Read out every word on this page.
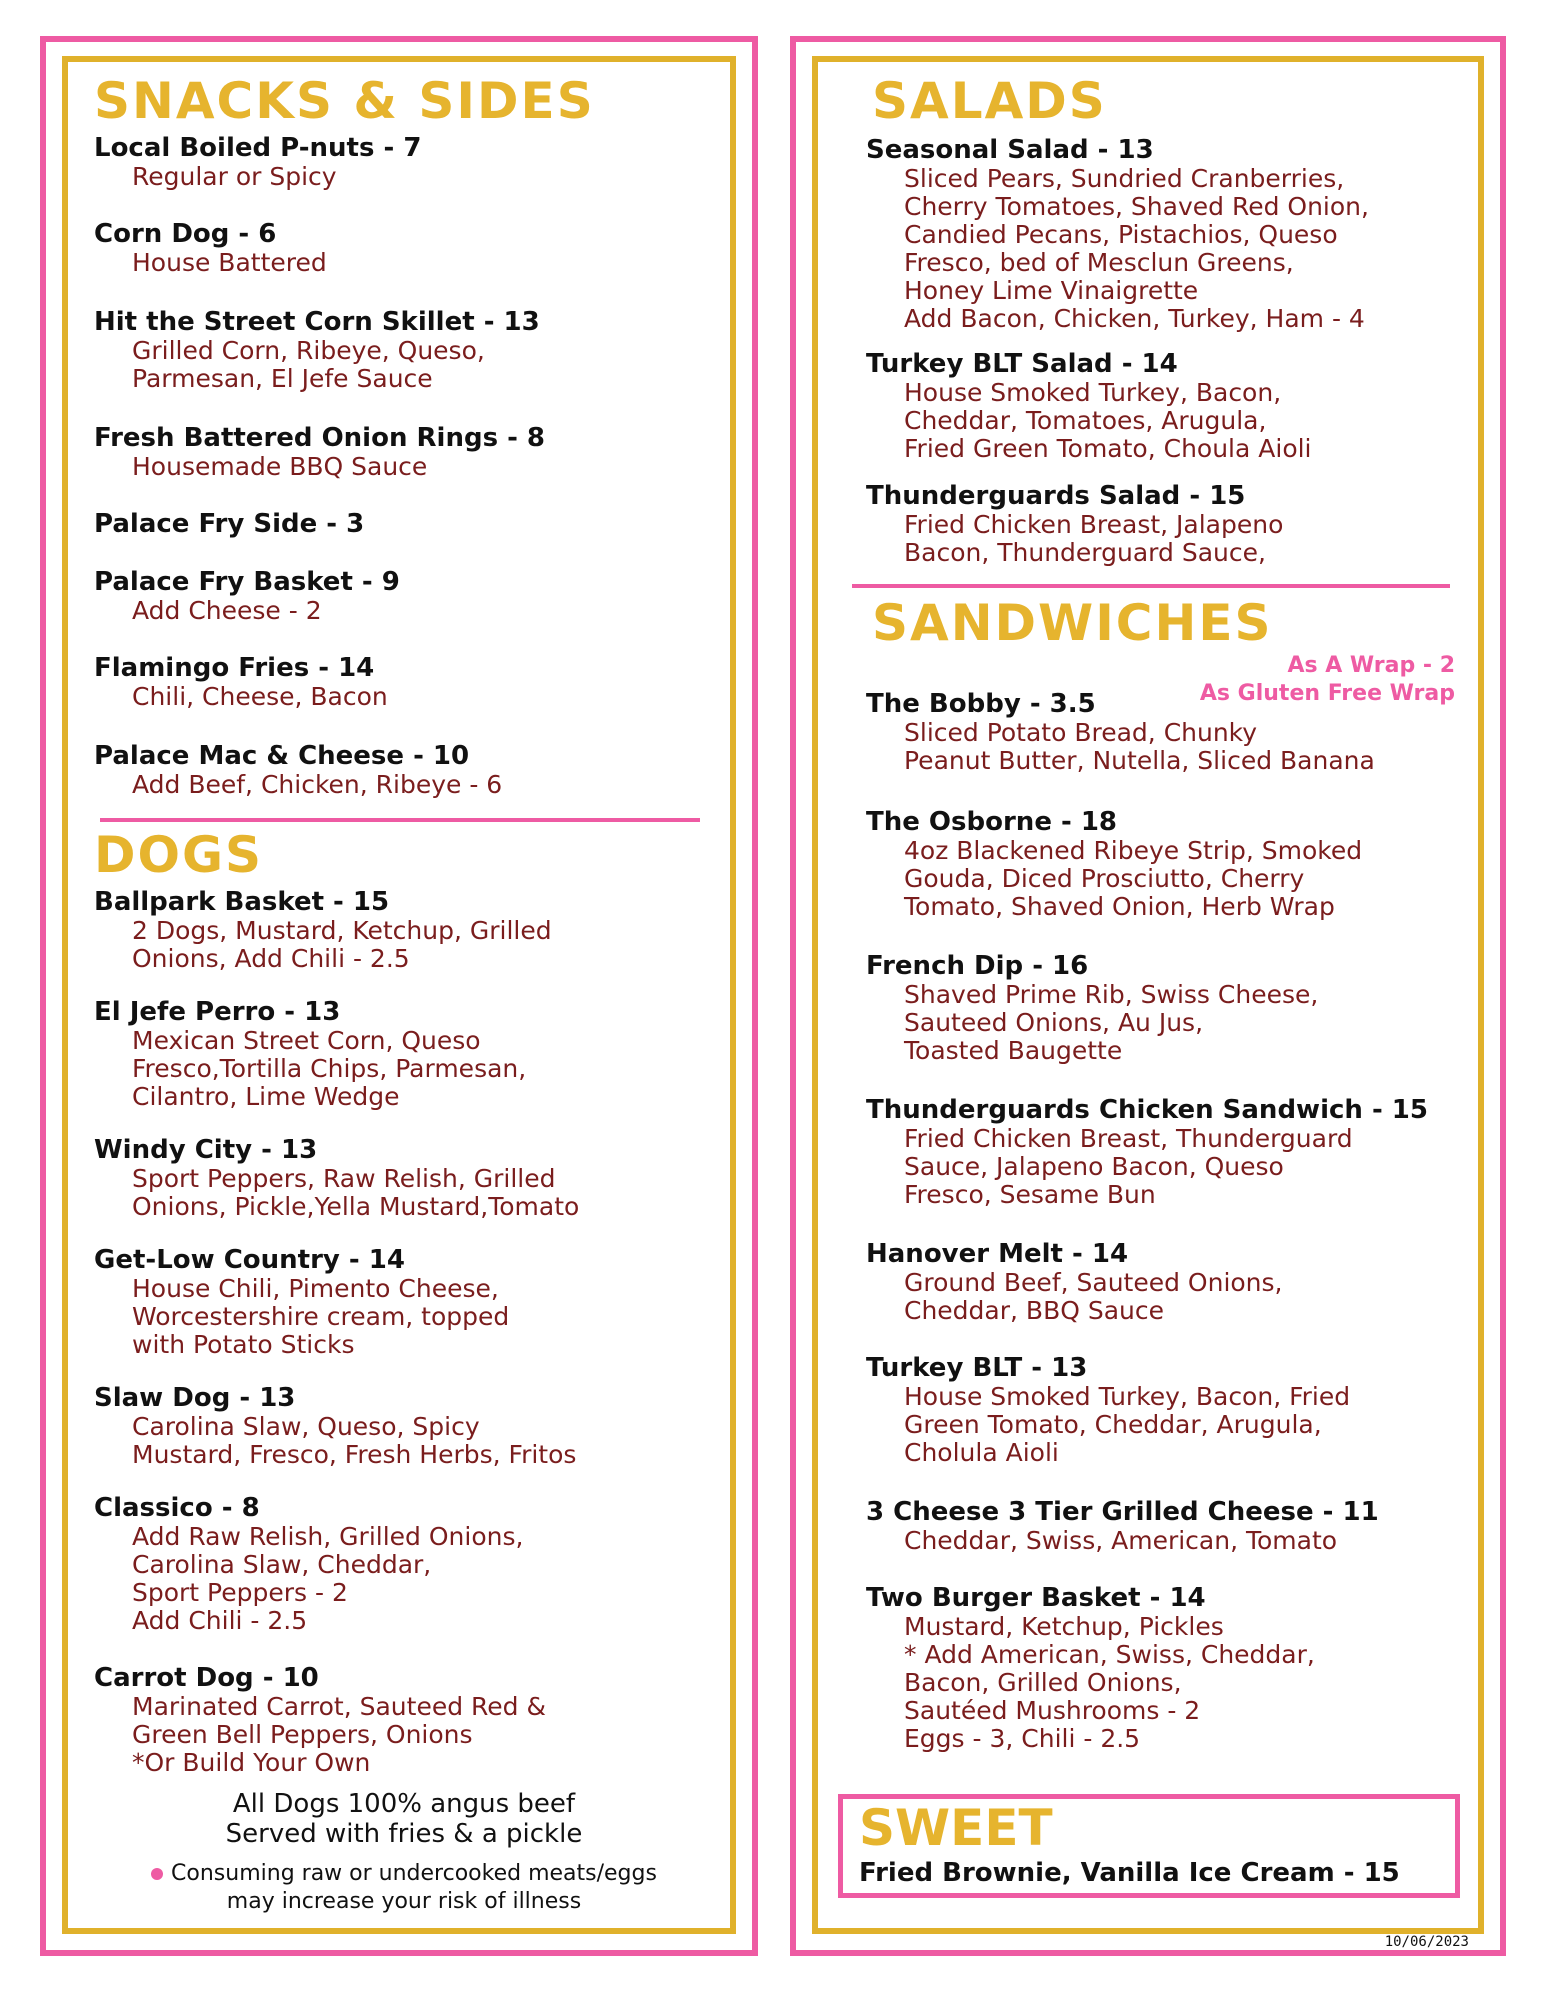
SNACKS & SIDES
Local Boiled P-nuts - 7
Regular or Spicy
Corn Dog - 6
House Battered
Hit the Street Corn Skillet - 13
Grilled Corn, Ribeye, Queso,
Parmesan, El Jefe Sauce
Fresh Battered Onion Rings - 8
Housemade BBQ Sauce
Palace Fry Side - 3
Palace Fry Basket - 9
Add Cheese - 2
Flamingo Fries - 14
Chili, Cheese, Bacon
Palace Mac & Cheese - 10
Add Beef, Chicken, Ribeye - 6
DOGS
Ballpark Basket - 15
2 Dogs, Mustard, Ketchup, Grilled
Onions, Add Chili - 2.5
El Jefe Perro - 13
Mexican Street Corn, Queso
Fresco,Tortilla Chips, Parmesan,
Cilantro, Lime Wedge
Windy City - 13
Sport Peppers, Raw Relish, Grilled
Onions, Pickle,Yella Mustard,Tomato
Get-Low Country - 14
House Chili, Pimento Cheese,
Worcestershire cream, topped
with Potato Sticks
Slaw Dog - 13
Carolina Slaw, Queso, Spicy
Mustard, Fresco, Fresh Herbs, Fritos
Classico - 8
Add Raw Relish, Grilled Onions,
Carolina Slaw, Cheddar,
Sport Peppers - 2
Add Chili - 2.5
Carrot Dog - 10
Marinated Carrot, Sauteed Red &
Green Bell Peppers, Onions
*Or Build Your Own
All Dogs 100% angus beef
Served with fries & a pickle
Consuming raw or undercooked meats/eggs
may increase your risk of illness
SALADS
Seasonal Salad - 13
Sliced Pears, Sundried Cranberries,
Cherry Tomatoes, Shaved Red Onion,
Candied Pecans, Pistachios, Queso
Fresco, bed of Mesclun Greens,
Honey Lime Vinaigrette
Add Bacon, Chicken, Turkey, Ham - 4
Turkey BLT Salad - 14
House Smoked Turkey, Bacon,
Cheddar, Tomatoes, Arugula,
Fried Green Tomato, Choula Aioli
Thunderguards Salad - 15
Fried Chicken Breast, Jalapeno
Bacon, Thunderguard Sauce,
SANDWICHES
As A Wrap - 2
As Gluten Free Wrap
The Bobby - 3.5
Sliced Potato Bread, Chunky
Peanut Butter, Nutella, Sliced Banana
The Osborne - 18
4oz Blackened Ribeye Strip, Smoked
Gouda, Diced Prosciutto, Cherry
Tomato, Shaved Onion, Herb Wrap
French Dip - 16
Shaved Prime Rib, Swiss Cheese,
Sauteed Onions, Au Jus,
Toasted Baugette
Thunderguards Chicken Sandwich - 15
Fried Chicken Breast, Thunderguard
Sauce, Jalapeno Bacon, Queso
Fresco, Sesame Bun
Hanover Melt - 14
Ground Beef, Sauteed Onions,
Cheddar, BBQ Sauce
Turkey BLT - 13
House Smoked Turkey, Bacon, Fried
Green Tomato, Cheddar, Arugula,
Cholula Aioli
3 Cheese 3 Tier Grilled Cheese - 11
Cheddar, Swiss, American, Tomato
Two Burger Basket - 14
Mustard, Ketchup, Pickles
* Add American, Swiss, Cheddar,
Bacon, Grilled Onions,
Sautéed Mushrooms - 2
Eggs - 3, Chili - 2.5
SWEET
Fried Brownie, Vanilla Ice Cream - 15
10/06/2023
